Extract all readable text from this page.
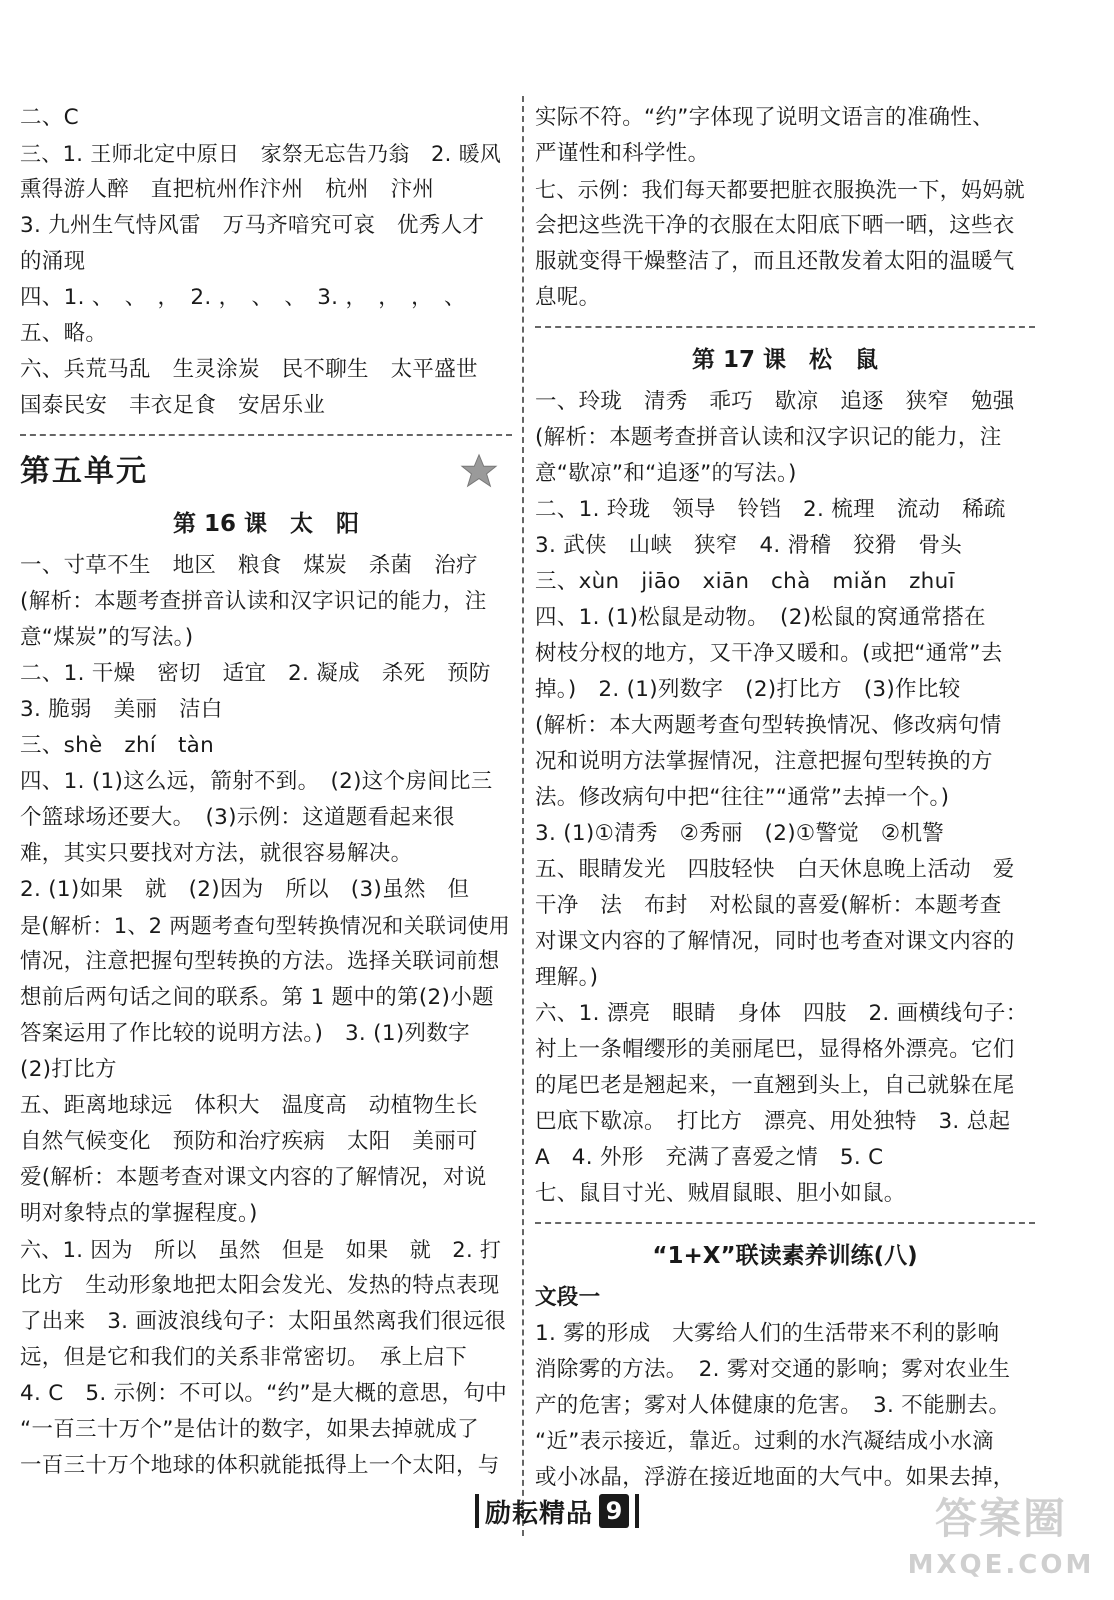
二、C
三、1. 王师北定中原日　家祭无忘告乃翁　2. 暖风
熏得游人醉　直把杭州作汴州　杭州　汴州
3. 九州生气恃风雷　万马齐喑究可哀　优秀人才
的涌现
四、1. 、　、　，　2. ，　、　、　3. ，　，　，　、
五、略。
六、兵荒马乱　生灵涂炭　民不聊生　太平盛世
国泰民安　丰衣足食　安居乐业
第五单元
第 16 课　太　阳
一、寸草不生　地区　粮食　煤炭　杀菌　治疗
(解析：本题考查拼音认读和汉字识记的能力，注
意“煤炭”的写法。)
二、1. 干燥　密切　适宜　2. 凝成　杀死　预防
3. 脆弱　美丽　洁白
三、shè　zhí　tàn
四、1. (1)这么远，箭射不到。　(2)这个房间比三
个篮球场还要大。　(3)示例：这道题看起来很
难，其实只要找对方法，就很容易解决。
2. (1)如果　就　(2)因为　所以　(3)虽然　但
是(解析：1、2 两题考查句型转换情况和关联词使用
情况，注意把握句型转换的方法。选择关联词前想
想前后两句话之间的联系。第 1 题中的第(2)小题
答案运用了作比较的说明方法。)　3. (1)列数字
(2)打比方
五、距离地球远　体积大　温度高　动植物生长
自然气候变化　预防和治疗疾病　太阳　美丽可
爱(解析：本题考查对课文内容的了解情况，对说
明对象特点的掌握程度。)
六、1. 因为　所以　虽然　但是　如果　就　2. 打
比方　生动形象地把太阳会发光、发热的特点表现
了出来　3. 画波浪线句子：太阳虽然离我们很远很
远，但是它和我们的关系非常密切。　承上启下
4. C　5. 示例：不可以。“约”是大概的意思，句中
“一百三十万个”是估计的数字，如果去掉就成了
一百三十万个地球的体积就能抵得上一个太阳，与
实际不符。“约”字体现了说明文语言的准确性、
严谨性和科学性。
七、示例：我们每天都要把脏衣服换洗一下，妈妈就
会把这些洗干净的衣服在太阳底下晒一晒，这些衣
服就变得干燥整洁了，而且还散发着太阳的温暖气
息呢。
第 17 课　松　鼠
一、玲珑　清秀　乖巧　歇凉　追逐　狭窄　勉强
(解析：本题考查拼音认读和汉字识记的能力，注
意“歇凉”和“追逐”的写法。)
二、1. 玲珑　领导　铃铛　2. 梳理　流动　稀疏
3. 武侠　山峡　狭窄　4. 滑稽　狡猾　骨头
三、xùn　jiāo　xiān　chà　miǎn　zhuī
四、1. (1)松鼠是动物。　(2)松鼠的窝通常搭在
树枝分杈的地方，又干净又暖和。(或把“通常”去
掉。)　2. (1)列数字　(2)打比方　(3)作比较
(解析：本大两题考查句型转换情况、修改病句情
况和说明方法掌握情况，注意把握句型转换的方
法。修改病句中把“往往”“通常”去掉一个。)
3. (1)①清秀　②秀丽　(2)①警觉　②机警
五、眼睛发光　四肢轻快　白天休息晚上活动　爱
干净　法　布封　对松鼠的喜爱(解析：本题考查
对课文内容的了解情况，同时也考查对课文内容的
理解。)
六、1. 漂亮　眼睛　身体　四肢　2. 画横线句子：
衬上一条帽缨形的美丽尾巴，显得格外漂亮。它们
的尾巴老是翘起来，一直翘到头上，自己就躲在尾
巴底下歇凉。　打比方　漂亮、用处独特　3. 总起
A　4. 外形　充满了喜爱之情　5. C
七、鼠目寸光、贼眉鼠眼、胆小如鼠。
“1+X”联读素养训练(八)
文段一
1. 雾的形成　大雾给人们的生活带来不利的影响
消除雾的方法。　2. 雾对交通的影响；雾对农业生
产的危害；雾对人体健康的危害。　3. 不能删去。
“近”表示接近，靠近。过剩的水汽凝结成小水滴
或小冰晶，浮游在接近地面的大气中。如果去掉，
励耘精品 9	答案圈
MXQE.COM
